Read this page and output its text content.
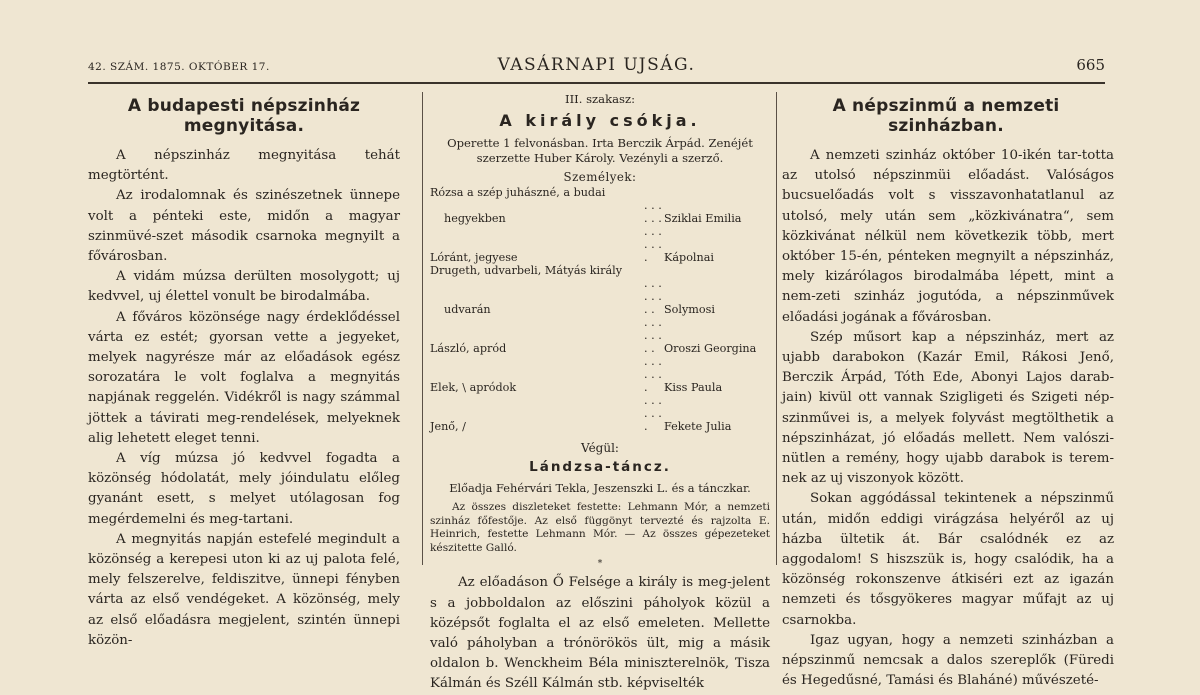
42. SZÁM. 1875. OKTÓBER 17.	VASÁRNAPI UJSÁG.	665
A budapesti népszinház megnyitása.

A népszinház megnyitása tehát megtörtént.

Az irodalomnak és szinészetnek ünnepe volt a pénteki este, midőn a magyar szinmüvé-szet második csarnoka megnyilt a fővárosban.

A vidám múzsa derülten mosolygott; uj kedvvel, uj élettel vonult be birodalmába.

A főváros közönsége nagy érdeklődéssel várta ez estét; gyorsan vette a jegyeket, melyek nagyrésze már az előadások egész sorozatára le volt foglalva a megnyitás napjának reggelén. Vidékről is nagy számmal jöttek a távirati meg-rendelések, melyeknek alig lehetett eleget tenni.

A víg múzsa jó kedvvel fogadta a közönség hódolatát, mely jóindulatu előleg gyanánt esett, s melyet utólagosan fog megérdemelni és meg-tartani.

A megnyitás napján estefelé megindult a közönség a kerepesi uton ki az uj palota felé, mely felszerelve, feldiszitve, ünnepi fényben várta az első vendégeket. A közönség, mely az első előadásra megjelent, szintén ünnepi közön-

III. szakasz:
A király csókja.
Operette 1 felvonásban. Irta Berczik Árpád. Zenéjét szerzette Huber Károly. Vezényli a szerző.
Személyek:
Rózsa a szép juhászné, a budai		
hegyekben	. . . . . .	Sziklai Emilia
Lóránt, jegyese	. . . . . . .	Kápolnai
Drugeth, udvarbeli, Mátyás király		
udvarán	. . . . . . . .	Solymosi
László, apród	. . . . . . . .	Oroszi Georgina
Elek, \ apródok	. . . . . . .	Kiss Paula
Jenő, /	. . . . . . .	Fekete Julia
Végül:
Lándzsa-táncz.
Előadja Fehérvári Tekla, Jeszenszki L. és a tánczkar.

Az összes diszleteket festette: Lehmann Mór, a nemzeti szinház főfestője. Az első függönyt tervezté és rajzolta E. Heinrich, festette Lehmann Mór. — Az összes gépezeteket készitette Galló.

*

Az előadáson Ő Felsége a király is meg-jelent s a jobboldalon az előszini páholyok közül a középsőt foglalta el az első emeleten. Mellette való páholyban a trónörökös ült, mig a másik oldalon b. Wenckheim Béla miniszterelnök, Tisza Kálmán és Széll Kálmán stb. képviselték

A népszinmű a nemzeti szinházban.

A nemzeti szinház október 10-ikén tar-totta az utolsó népszinmüi előadást. Valóságos bucsuelőadás volt s visszavonhatatlanul az utolsó, mely után sem „közkivánatra“, sem közkivánat nélkül nem következik több, mert október 15-én, pénteken megnyilt a népszinház, mely kizárólagos birodalmába lépett, mint a nem-zeti szinház jogutóda, a népszinművek előadási jogának a fővárosban.

Szép műsort kap a népszinház, mert az ujabb darabokon (Kazár Emil, Rákosi Jenő, Berczik Árpád, Tóth Ede, Abonyi Lajos darab-jain) kivül ott vannak Szigligeti és Szigeti nép-szinművei is, a melyek folyvást megtölthetik a népszinházat, jó előadás mellett. Nem valószi-nütlen a remény, hogy ujabb darabok is terem-nek az uj viszonyok között.

Sokan aggódással tekintenek a népszinmű után, midőn eddigi virágzása helyéről az uj házba ültetik át. Bár csalódnék ez az aggodalom! S hiszszük is, hogy csalódik, ha a közönség rokonszenve átkiséri ezt az igazán nemzeti és tősgyökeres magyar műfajt az uj csarnokba.

Igaz ugyan, hogy a nemzeti szinházban a népszinmű nemcsak a dalos szereplők (Füredi és Hegedűsné, Tamási és Blaháné) művészeté-
